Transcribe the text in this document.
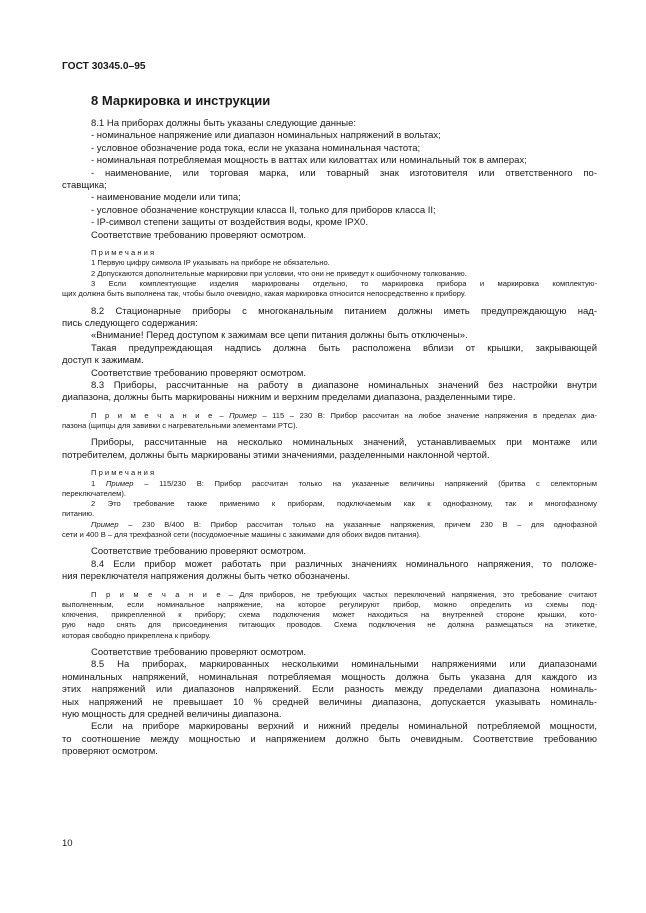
ГОСТ 30345.0–95
8 Маркировка и инструкции

8.1 На приборах должны быть указаны следующие данные:

- номинальное напряжение или диапазон номинальных напряжений в вольтах;

- условное обозначение рода тока, если не указана номинальная частота;

- номинальная потребляемая мощность в ваттах или киловаттах или номинальный ток в амперах;

- наименование, или торговая марка, или товарный знак изготовителя или ответственного по-

ставщика;

- наименование модели или типа;

- условное обозначение конструкции класса II, только для приборов класса II;

- IP-символ степени защиты от воздействия воды, кроме IPX0.

Соответствие требованию проверяют осмотром.

П р и м е ч а н и я

1 Первую цифру символа IP указывать на приборе не обязательно.

2 Допускаются дополнительные маркировки при условии, что они не приведут к ошибочному толкованию.

3 Если комплектующие изделия маркированы отдельно, то маркировка прибора и маркировка комплектую-

щих должна быть выполнена так, чтобы было очевидно, какая маркировка относится непосредственно к прибору.

8.2 Стационарные приборы с многоканальным питанием должны иметь предупреждающую над-

пись следующего содержания:

«Внимание! Перед доступом к зажимам все цепи питания должны быть отключены».

Такая предупреждающая надпись должна быть расположена вблизи от крышки, закрывающей

доступ к зажимам.

Соответствие требованию проверяют осмотром.

8.3 Приборы, рассчитанные на работу в диапазоне номинальных значений без настройки внутри

диапазона, должны быть маркированы нижним и верхним пределами диапазона, разделенными тире.

П р и м е ч а н и е – Пример – 115 – 230 В: Прибор рассчитан на любое значение напряжения в пределах диа-

пазона (щипцы для завивки с нагревательными элементами PTC).

Приборы, рассчитанные на несколько номинальных значений, устанавливаемых при монтаже или

потребителем, должны быть маркированы этими значениями, разделенными наклонной чертой.

П р и м е ч а н и я

1 Пример – 115/230 В: Прибор рассчитан только на указанные величины напряжений (бритва с селекторным

переключателем).

2 Это требование также применимо к приборам, подключаемым как к однофазному, так и многофазному

питанию.

Пример – 230 В/400 В: Прибор рассчитан только на указанные напряжения, причем 230 В – для однофазной

сети и 400 В – для трехфазной сети (посудомоечные машины с зажимами для обоих видов питания).

Соответствие требованию проверяют осмотром.

8.4 Если прибор может работать при различных значениях номинального напряжения, то положе-

ния переключателя напряжения должны быть четко обозначены.

П р и м е ч а н и е – Для приборов, не требующих частых переключений напряжения, это требование считают

выполненным, если номинальное напряжение, на которое регулируют прибор, можно определить из схемы под-

ключения, прикрепленной к прибору; схема подключения может находиться на внутренней стороне крышки, кото-

рую надо снять для присоединения питающих проводов. Схема подключения не должна размещаться на этикетке,

которая свободно прикреплена к прибору.

Соответствие требованию проверяют осмотром.

8.5 На приборах, маркированных несколькими номинальными напряжениями или диапазонами

номинальных напряжений, номинальная потребляемая мощность должна быть указана для каждого из

этих напряжений или диапазонов напряжений. Если разность между пределами диапазона номиналь-

ных напряжений не превышает 10 % средней величины диапазона, допускается указывать номиналь-

ную мощность для средней величины диапазона.

Если на приборе маркированы верхний и нижний пределы номинальной потребляемой мощности,

то соотношение между мощностью и напряжением должно быть очевидным. Соответствие требованию

проверяют осмотром.

10
